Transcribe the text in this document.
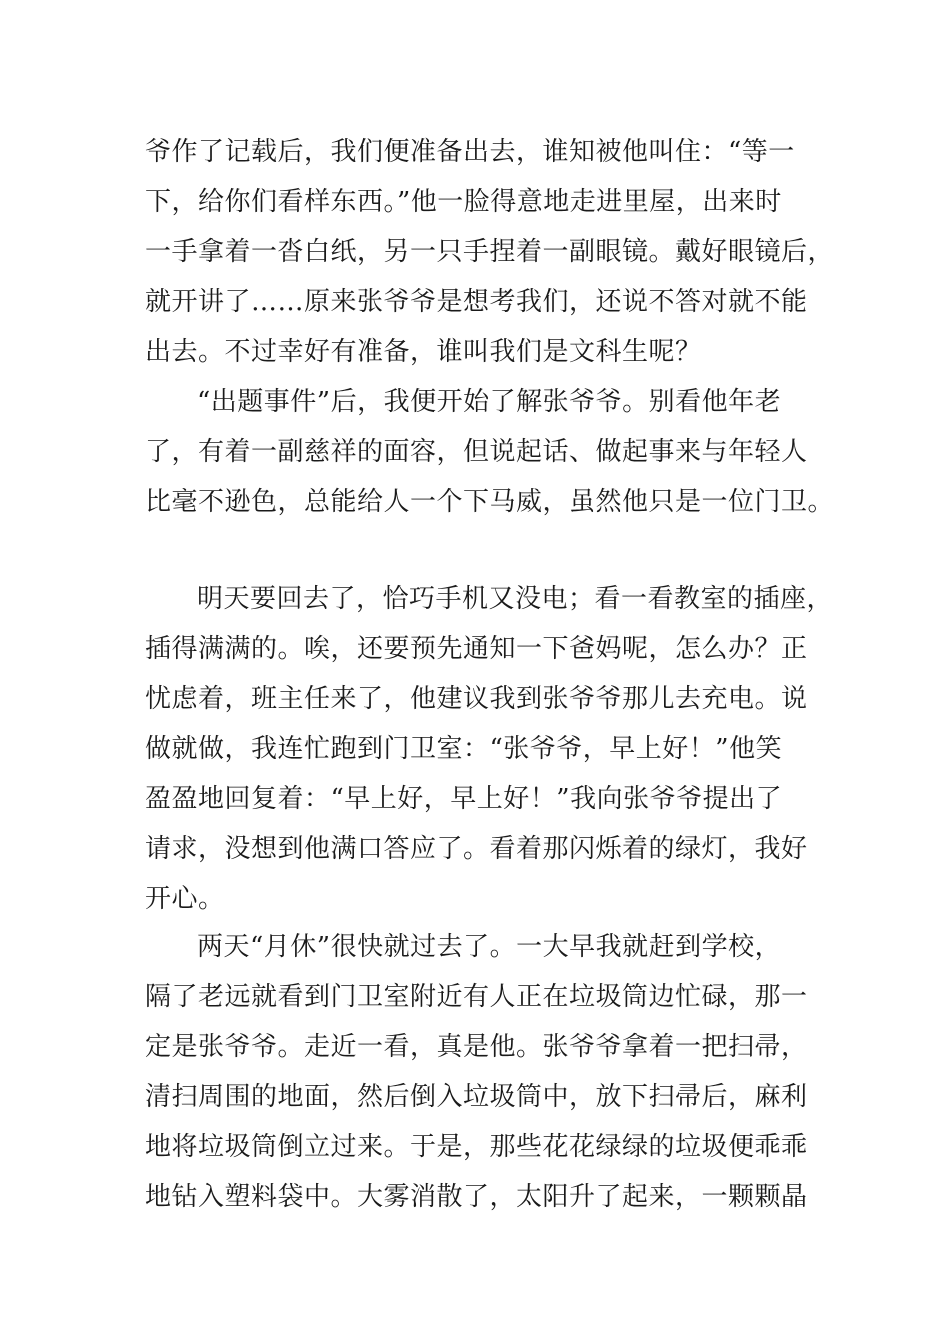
爷作了记载后，我们便准备出去，谁知被他叫住：“等一
下，给你们看样东西。”他一脸得意地走进里屋，出来时
一手拿着一沓白纸，另一只手捏着一副眼镜。戴好眼镜后，
就开讲了……原来张爷爷是想考我们，还说不答对就不能
出去。不过幸好有准备，谁叫我们是文科生呢？
“出题事件”后，我便开始了解张爷爷。别看他年老
了，有着一副慈祥的面容，但说起话、做起事来与年轻人
比毫不逊色，总能给人一个下马威，虽然他只是一位门卫。
明天要回去了，恰巧手机又没电；看一看教室的插座，
插得满满的。唉，还要预先通知一下爸妈呢，怎么办？正
忧虑着，班主任来了，他建议我到张爷爷那儿去充电。说
做就做，我连忙跑到门卫室：“张爷爷，早上好！”他笑
盈盈地回复着：“早上好，早上好！”我向张爷爷提出了
请求，没想到他满口答应了。看着那闪烁着的绿灯，我好
开心。
两天“月休”很快就过去了。一大早我就赶到学校，
隔了老远就看到门卫室附近有人正在垃圾筒边忙碌，那一
定是张爷爷。走近一看，真是他。张爷爷拿着一把扫帚，
清扫周围的地面，然后倒入垃圾筒中，放下扫帚后，麻利
地将垃圾筒倒立过来。于是，那些花花绿绿的垃圾便乖乖
地钻入塑料袋中。大雾消散了，太阳升了起来，一颗颗晶
